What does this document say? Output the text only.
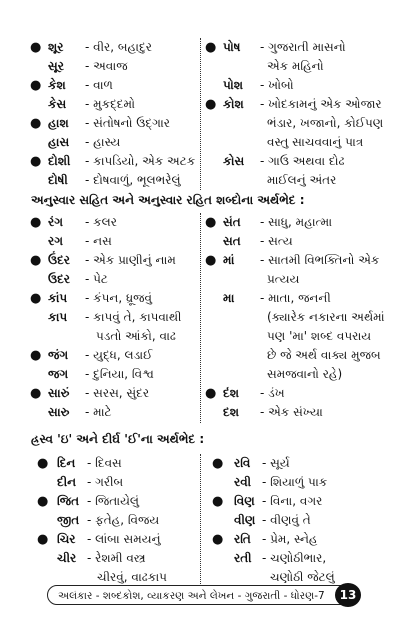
● શૂર - વીર, બહાદુર
સૂર - અવાજ
● કેશ - વાળ
કેસ - મુકદ્દમો
● હાશ - સંતોષનો ઉદ્‌ગાર
હાસ - હાસ્ય
● દોશી - કાપડિયો, એક અટક
દોષી - દોષવાળું, ભૂલભરેલું
● પોષ - ગુજરાતી માસનો
એક મહિનો
પોશ - ખોબો
● કોશ - ખોદકામનું એક ઓજાર
ભંડાર, ખજાનો, કોઈપણ
વસ્તુ સાચવવાનું પાત્ર
કોસ - ગાઉ અથવા દોઢ
માઈલનું અંતર
અનુસ્વાર સહિત અને અનુસ્વાર રહિત શબ્દોના અર્થભેદ :
● રંગ - કલર
રગ - નસ
● ઉંદર - એક પ્રાણીનું નામ
ઉદર - પેટ
● કાંપ - કંપન, ધ્રૂજવું
કાપ - કાપવું તે, કાપવાથી
પડતો આંકો, વાઢ
● જંગ - યુદ્ધ, લડાઈ
જગ - દુનિયા, વિશ્વ
● સારું - સરસ, સુંદર
સારુ - માટે
● સંત - સાધુ, મહાત્મા
સત - સત્ય
● માં - સાતમી વિભક્તિનો એક
પ્રત્યય
મા - માતા, જનની
(ક્યારેક નકારના અર્થમાં
પણ 'મા' શબ્દ વપરાય
છે જે અર્થ વાક્ય મુજબ
સમજવાનો રહે)
● દંશ - ડંખ
દશ - એક સંખ્યા
હ્રસ્વ 'ઇ' અને દીર્ઘ 'ઈ'ના અર્થભેદ :
● દિન - દિવસ
દીન - ગરીબ
● જિત - જિતાયેલું
જીત - ફતેહ, વિજય
● ચિર - લાંબા સમયનું
ચીર - રેશમી વસ્ત્ર
ચીરવું, વાઢકાપ
● રવિ - સૂર્ય
રવી - શિયાળું પાક
● વિણ - વિના, વગર
વીણ - વીણવું તે
● રતિ - પ્રેમ, સ્નેહ
રતી - ચણોઠીભાર,
ચણોઠી જેટલું
અલંકાર - શબ્દકોશ, વ્યાકરણ અને લેખન - ગુજરાતી - ધોરણ-7	13
